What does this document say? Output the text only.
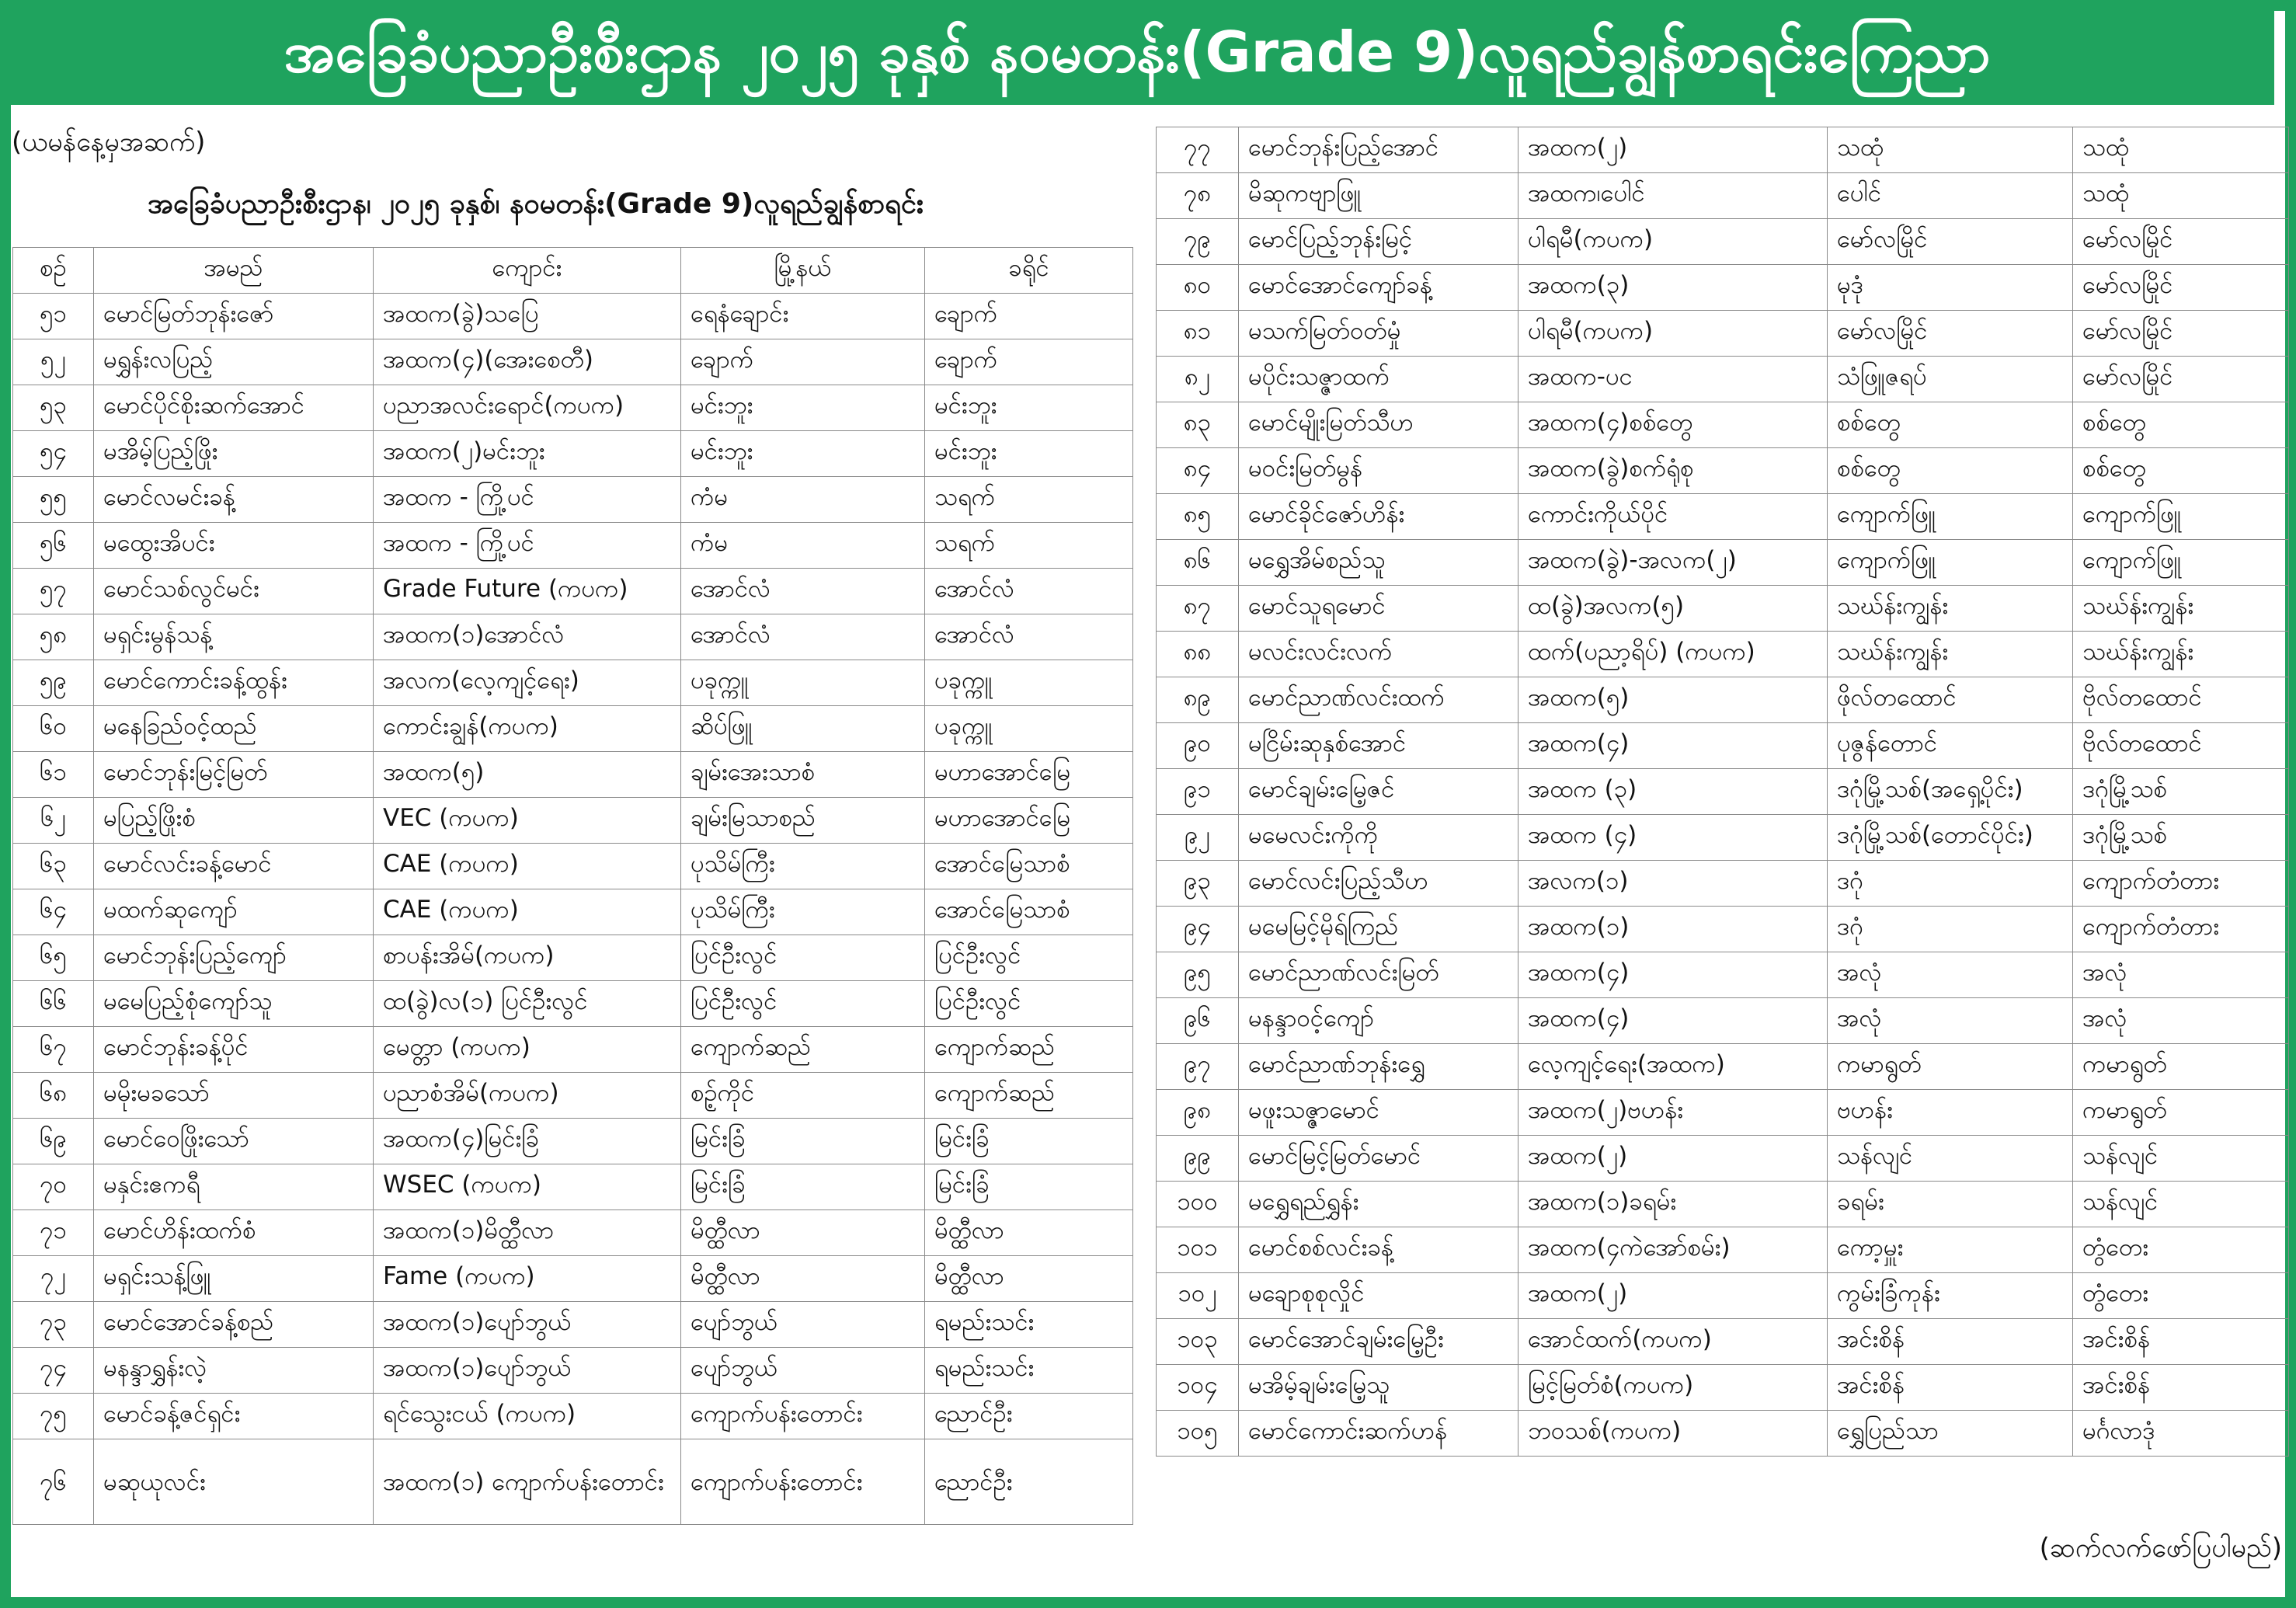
အခြေခံပညာဦးစီးဌာန ၂၀၂၅ ခုနှစ် နဝမတန်း(Grade 9)လူရည်ချွန်စာရင်းကြေညာ
(ယမန်နေ့မှအဆက်)
အခြေခံပညာဦးစီးဌာန၊ ၂၀၂၅ ခုနှစ်၊ နဝမတန်း(Grade 9)လူရည်ချွန်စာရင်း
စဉ်	အမည်	ကျောင်း	မြို့နယ်	ခရိုင်
၅၁	မောင်မြတ်ဘုန်းဇော်	အထက(ခွဲ)သပြေ	ရေနံချောင်း	ချောက်
၅၂	မရွှန်းလပြည့်	အထက(၄)(အေးစေတီ)	ချောက်	ချောက်
၅၃	မောင်ပိုင်စိုးဆက်အောင်	ပညာအလင်းရောင်(ကပက)	မင်းဘူး	မင်းဘူး
၅၄	မအိမ့်ပြည့်ဖြိုး	အထက(၂)မင်းဘူး	မင်းဘူး	မင်းဘူး
၅၅	မောင်လမင်းခန့်	အထက - ကြို့ပင်	ကံမ	သရက်
၅၆	မထွေးအိပင်း	အထက - ကြို့ပင်	ကံမ	သရက်
၅၇	မောင်သစ်လွင်မင်း	Grade Future (ကပက)	အောင်လံ	အောင်လံ
၅၈	မရှင်းမွန်သန့်	အထက(၁)အောင်လံ	အောင်လံ	အောင်လံ
၅၉	မောင်ကောင်းခန့်ထွန်း	အလက(လေ့ကျင့်ရေး)	ပခုက္ကူ	ပခုက္ကူ
၆၀	မနေခြည်ဝင့်ထည်	ကောင်းချွန်(ကပက)	ဆိပ်ဖြူ	ပခုက္ကူ
၆၁	မောင်ဘုန်းမြင့်မြတ်	အထက(၅)	ချမ်းအေးသာစံ	မဟာအောင်မြေ
၆၂	မပြည့်ဖြိုးစံ	VEC (ကပက)	ချမ်းမြသာစည်	မဟာအောင်မြေ
၆၃	မောင်လင်းခန့်မောင်	CAE (ကပက)	ပုသိမ်ကြီး	အောင်မြေသာစံ
၆၄	မထက်ဆုကျော်	CAE (ကပက)	ပုသိမ်ကြီး	အောင်မြေသာစံ
၆၅	မောင်ဘုန်းပြည့်ကျော်	စာပန်းအိမ်(ကပက)	ပြင်ဦးလွင်	ပြင်ဦးလွင်
၆၆	မမေပြည့်စုံကျော်သူ	ထ(ခွဲ)လ(၁) ပြင်ဦးလွင်	ပြင်ဦးလွင်	ပြင်ဦးလွင်
၆၇	မောင်ဘုန်းခန့်ပိုင်	မေတ္တာ (ကပက)	ကျောက်ဆည်	ကျောက်ဆည်
၆၈	မမိုးမခသော်	ပညာစံအိမ်(ကပက)	စဉ့်ကိုင်	ကျောက်ဆည်
၆၉	မောင်ဝေဖြိုးသော်	အထက(၄)မြင်းခြံ	မြင်းခြံ	မြင်းခြံ
၇၀	မနှင်းဧကရီ	WSEC (ကပက)	မြင်းခြံ	မြင်းခြံ
၇၁	မောင်ဟိန်းထက်စံ	အထက(၁)မိတ္ထီလာ	မိတ္ထီလာ	မိတ္ထီလာ
၇၂	မရှင်းသန့်ဖြူ	Fame (ကပက)	မိတ္ထီလာ	မိတ္ထီလာ
၇၃	မောင်အောင်ခန့်စည်	အထက(၁)ပျော်ဘွယ်	ပျော်ဘွယ်	ရမည်းသင်း
၇၄	မနန္ဒာရွှန်းလဲ့	အထက(၁)ပျော်ဘွယ်	ပျော်ဘွယ်	ရမည်းသင်း
၇၅	မောင်ခန့်ဇင်ရှင်း	ရင်သွေးငယ် (ကပက)	ကျောက်ပန်းတောင်း	ညောင်ဦး
၇၆	မဆုယုလင်း	အထက(၁) ကျောက်ပန်းတောင်း	ကျောက်ပန်းတောင်း	ညောင်ဦး
၇၇	မောင်ဘုန်းပြည့်အောင်	အထက(၂)	သထုံ	သထုံ
၇၈	မိဆုကဗျာဖြူ	အထက၊ပေါင်	ပေါင်	သထုံ
၇၉	မောင်ပြည့်ဘုန်းမြင့်	ပါရမီ(ကပက)	မော်လမြိုင်	မော်လမြိုင်
၈၀	မောင်အောင်ကျော်ခန့်	အထက(၃)	မုဒုံ	မော်လမြိုင်
၈၁	မသက်မြတ်ဝတ်မှုံ	ပါရမီ(ကပက)	မော်လမြိုင်	မော်လမြိုင်
၈၂	မပိုင်းသဇ္ဇာထက်	အထက-ပင	သံဖြူဇရပ်	မော်လမြိုင်
၈၃	မောင်မျိုးမြတ်သီဟ	အထက(၄)စစ်တွေ	စစ်တွေ	စစ်တွေ
၈၄	မဝင်းမြတ်မွန်	အထက(ခွဲ)စက်ရုံစု	စစ်တွေ	စစ်တွေ
၈၅	မောင်ခိုင်ဇော်ဟိန်း	ကောင်းကိုယ်ပိုင်	ကျောက်ဖြူ	ကျောက်ဖြူ
၈၆	မရွှေအိမ်စည်သူ	အထက(ခွဲ)-အလက(၂)	ကျောက်ဖြူ	ကျောက်ဖြူ
၈၇	မောင်သူရမောင်	ထ(ခွဲ)အလက(၅)	သဃ်န်းကျွန်း	သဃ်န်းကျွန်း
၈၈	မလင်းလင်းလက်	ထက်(ပညာ့ရိပ်) (ကပက)	သဃ်န်းကျွန်း	သဃ်န်းကျွန်း
၈၉	မောင်ညာဏ်လင်းထက်	အထက(၅)	ဖိုလ်တထောင်	ဗိုလ်တထောင်
၉၀	မငြိမ်းဆုနှစ်အောင်	အထက(၄)	ပုဇွန်တောင်	ဗိုလ်တထောင်
၉၁	မောင်ချမ်းမြေ့ဇင်	အထက (၃)	ဒဂုံမြို့သစ်(အရှေ့ပိုင်း)	ဒဂုံမြို့သစ်
၉၂	မမေလင်းကိုကို	အထက (၄)	ဒဂုံမြို့သစ်(တောင်ပိုင်း)	ဒဂုံမြို့သစ်
၉၃	မောင်လင်းပြည့်သီဟ	အလက(၁)	ဒဂုံ	ကျောက်တံတား
၉၄	မမေမြင့်မိုရ်ကြည်	အထက(၁)	ဒဂုံ	ကျောက်တံတား
၉၅	မောင်ညာဏ်လင်းမြတ်	အထက(၄)	အလုံ	အလုံ
၉၆	မနန္ဒာဝင့်ကျော်	အထက(၄)	အလုံ	အလုံ
၉၇	မောင်ညာဏ်ဘုန်းရွှေ	လေ့ကျင့်ရေး(အထက)	ကမာရွတ်	ကမာရွတ်
၉၈	မဖူးသဇ္ဇာမောင်	အထက(၂)ဗဟန်း	ဗဟန်း	ကမာရွတ်
၉၉	မောင်မြင့်မြတ်မောင်	အထက(၂)	သန်လျင်	သန်လျင်
၁၀၀	မရွှေရည်ရွှန်း	အထက(၁)ခရမ်း	ခရမ်း	သန်လျင်
၁၀၁	မောင်စစ်လင်းခန့်	အထက(၄ကဲအော်စမ်း)	ကော့မှူး	တွံတေး
၁၀၂	မချောစုစုလှိုင်	အထက(၂)	ကွမ်းခြံကုန်း	တွံတေး
၁၀၃	မောင်အောင်ချမ်းမြေ့ဦး	အောင်ထက်(ကပက)	အင်းစိန်	အင်းစိန်
၁၀၄	မအိမ့်ချမ်းမြေ့သူ	မြင့်မြတ်စံ(ကပက)	အင်းစိန်	အင်းစိန်
၁၀၅	မောင်ကောင်းဆက်ဟန်	ဘဝသစ်(ကပက)	ရွှေပြည်သာ	မင်္ဂလာဒုံ
(ဆက်လက်ဖော်ပြပါမည်)
